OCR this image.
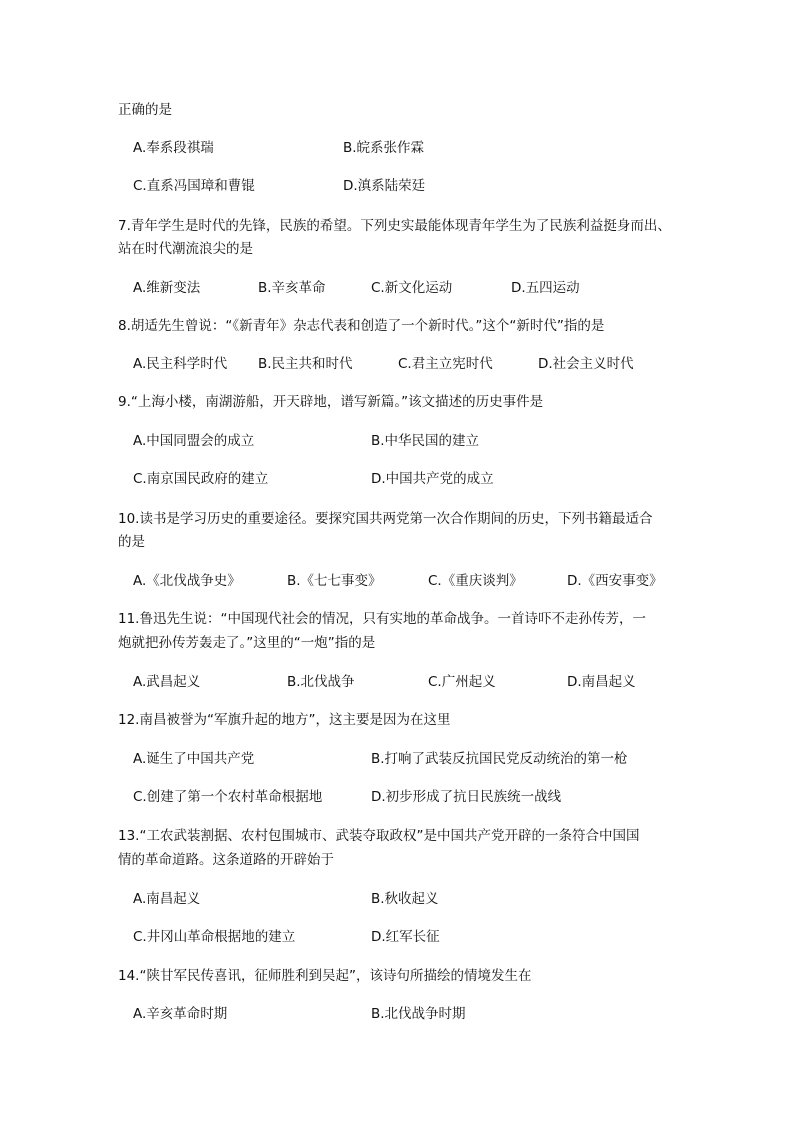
正确的是
A.奉系段祺瑞	B.皖系张作霖
C.直系冯国璋和曹锟	D.滇系陆荣廷
7.青年学生是时代的先锋，民族的希望。下列史实最能体现青年学生为了民族利益挺身而出、
站在时代潮流浪尖的是
A.维新变法	B.辛亥革命	C.新文化运动	D.五四运动
8.胡适先生曾说：“《新青年》杂志代表和创造了一个新时代。”这个“新时代”指的是
A.民主科学时代 B.民主共和时代	C.君主立宪时代	D.社会主义时代
9.“上海小楼，南湖游船，开天辟地，谱写新篇。”该文描述的历史事件是
A.中国同盟会的成立	B.中华民国的建立
C.南京国民政府的建立	D.中国共产党的成立
10.读书是学习历史的重要途径。要探究国共两党第一次合作期间的历史，下列书籍最适合
的是
A.《北伐战争史》	B.《七七事变》	C.《重庆谈判》	D.《西安事变》
11.鲁迅先生说：“中国现代社会的情况，只有实地的革命战争。一首诗吓不走孙传芳，一
炮就把孙传芳轰走了。”这里的“一炮”指的是
A.武昌起义	B.北伐战争	C.广州起义	D.南昌起义
12.南昌被誉为“军旗升起的地方”，这主要是因为在这里
A.诞生了中国共产党	B.打响了武装反抗国民党反动统治的第一枪
C.创建了第一个农村革命根据地	D.初步形成了抗日民族统一战线
13.“工农武装割据、农村包围城市、武装夺取政权”是中国共产党开辟的一条符合中国国
情的革命道路。这条道路的开辟始于
A.南昌起义	B.秋收起义
C.井冈山革命根据地的建立	D.红军长征
14.“陕甘军民传喜讯，征师胜利到吴起”，该诗句所描绘的情境发生在
A.辛亥革命时期	B.北伐战争时期
